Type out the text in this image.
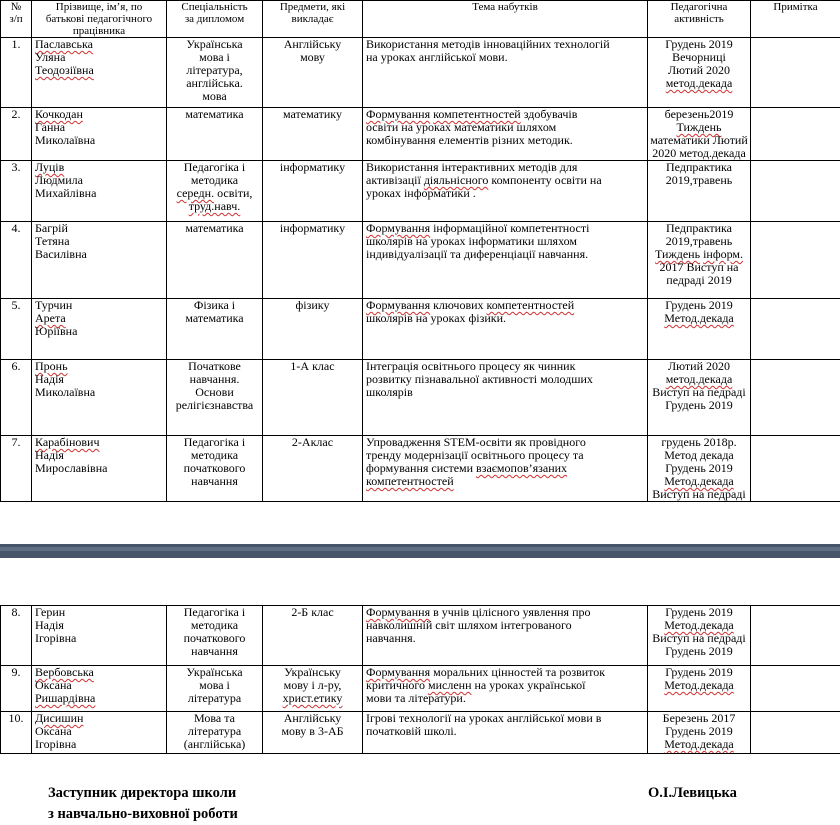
№
з/п	Прізвище, ім’я, по
батькові педагогічного
працівника	Спеціальність
за дипломом	Предмети, які
викладає	Тема набутків	Педагогічна
активність	Примітка

1.	Паславська
Уляна
Теодозіївна	Українська
мова і
література,
англійська.
мова	Англійську
мову	Використання методів інноваційних технологій
на уроках англійської мови.	Грудень 2019
Вечорниці
Лютий 2020
метод.декада	

2.	Кочкодан
Ганна
Миколаївна	математика	математику	Формування компетентностей здобувачів
освіти на уроках математики шляхом
комбінування елементів різних методик.	березень2019
Тиждень
математики Лютий
2020 метод.декада	

3.	Луців
Людмила
Михайлівна	Педагогіка і
методика
середн. освіти,
труд.навч.	інформатику	Використання інтерактивних методів для
активізації діяльнісного компоненту освіти на
уроках інформатики .	Педпрактика
2019,травень	

4.	Багрій
Тетяна
Василівна	математика	інформатику	Формування інформаційної компетентності
школярів на уроках інформатики шляхом
індивідуалізації та диференціації навчання.	Педпрактика
2019,травень
Тиждень інформ.
2017 Виступ на
педраді 2019	

5.	Турчин
Арета
Юріївна	Фізика і
математика	фізику	Формування ключових компетентностей
школярів на уроках фізики.	Грудень 2019
Метод.декада	

6.	Пронь
Надія
Миколаївна	Початкове
навчання.
Основи
релігієзнавства	1-А клас	Інтеграція освітнього процесу як чинник
розвитку пізнавальної активності молодших
школярів	Лютий 2020
метод.декада
Виступ на педраді
Грудень 2019	

7.	Карабінович
Надія
Мирославівна	Педагогіка і
методика
початкового
навчання	2-Аклас	Упровадження STEM-освіти як провідного
тренду модернізації освітнього процесу та
формування системи взаємопов’язаних
компетентностей	грудень 2018р.
Метод декада
Грудень 2019
Метод.декада
Виступ на педраді	

8.	Герин
Надія
Ігорівна	Педагогіка і
методика
початкового
навчання	2-Б клас	Формування в учнів цілісного уявлення про
навколишній світ шляхом інтегрованого
навчання.	Грудень 2019
Метод.декада
Виступ на педраді
Грудень 2019	

9.	Вербовська
Оксана
Ришардівна	Українська
мова і
література	Українську
мову і л-ру,
христ.етику	Формування моральних цінностей та розвиток
критичного мисленн на уроках української
мови та літератури.	Грудень 2019
Метод.декада	

10.	Дисишин
Оксана
Ігорівна	Мова та
література
(англійська)	Англійську
мову в 3-АБ	Ігрові технології на уроках англійської мови в
початковій школі.	Березень 2017
Грудень 2019
Метод.декада	

Заступник директора школи
з навчально-виховної роботи
О.І.Левицька
